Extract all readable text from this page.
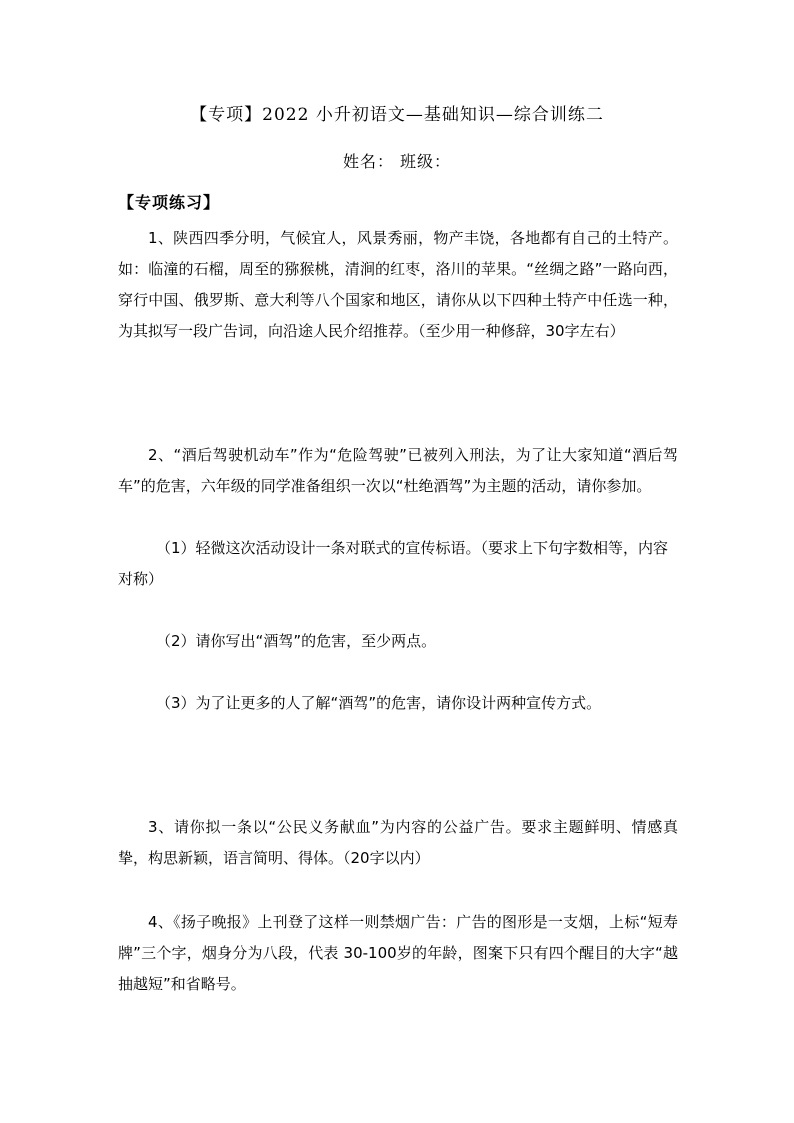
【专项】2022 小升初语文—基础知识—综合训练二
姓名： 班级：
【专项练习】

1、陕西四季分明，气候宜人，风景秀丽，物产丰饶，各地都有自己的土特产。如：临潼的石榴，周至的猕猴桃，清涧的红枣，洛川的苹果。“丝绸之路”一路向西，穿行中国、俄罗斯、意大利等八个国家和地区，请你从以下四种土特产中任选一种，为其拟写一段广告词，向沿途人民介绍推荐。（至少用一种修辞，30字左右）

2、“酒后驾驶机动车”作为“危险驾驶”已被列入刑法，为了让大家知道“酒后驾车”的危害，六年级的同学准备组织一次以“杜绝酒驾”为主题的活动，请你参加。

（1）轻微这次活动设计一条对联式的宣传标语。（要求上下句字数相等，内容对称）

（2）请你写出“酒驾”的危害，至少两点。

（3）为了让更多的人了解“酒驾”的危害，请你设计两种宣传方式。

3、请你拟一条以“公民义务献血”为内容的公益广告。要求主题鲜明、情感真挚，构思新颖，语言简明、得体。（20字以内）

4、《扬子晚报》上刊登了这样一则禁烟广告：广告的图形是一支烟，上标“短寿牌”三个字，烟身分为八段，代表 30-100岁的年龄，图案下只有四个醒目的大字“越抽越短”和省略号。
